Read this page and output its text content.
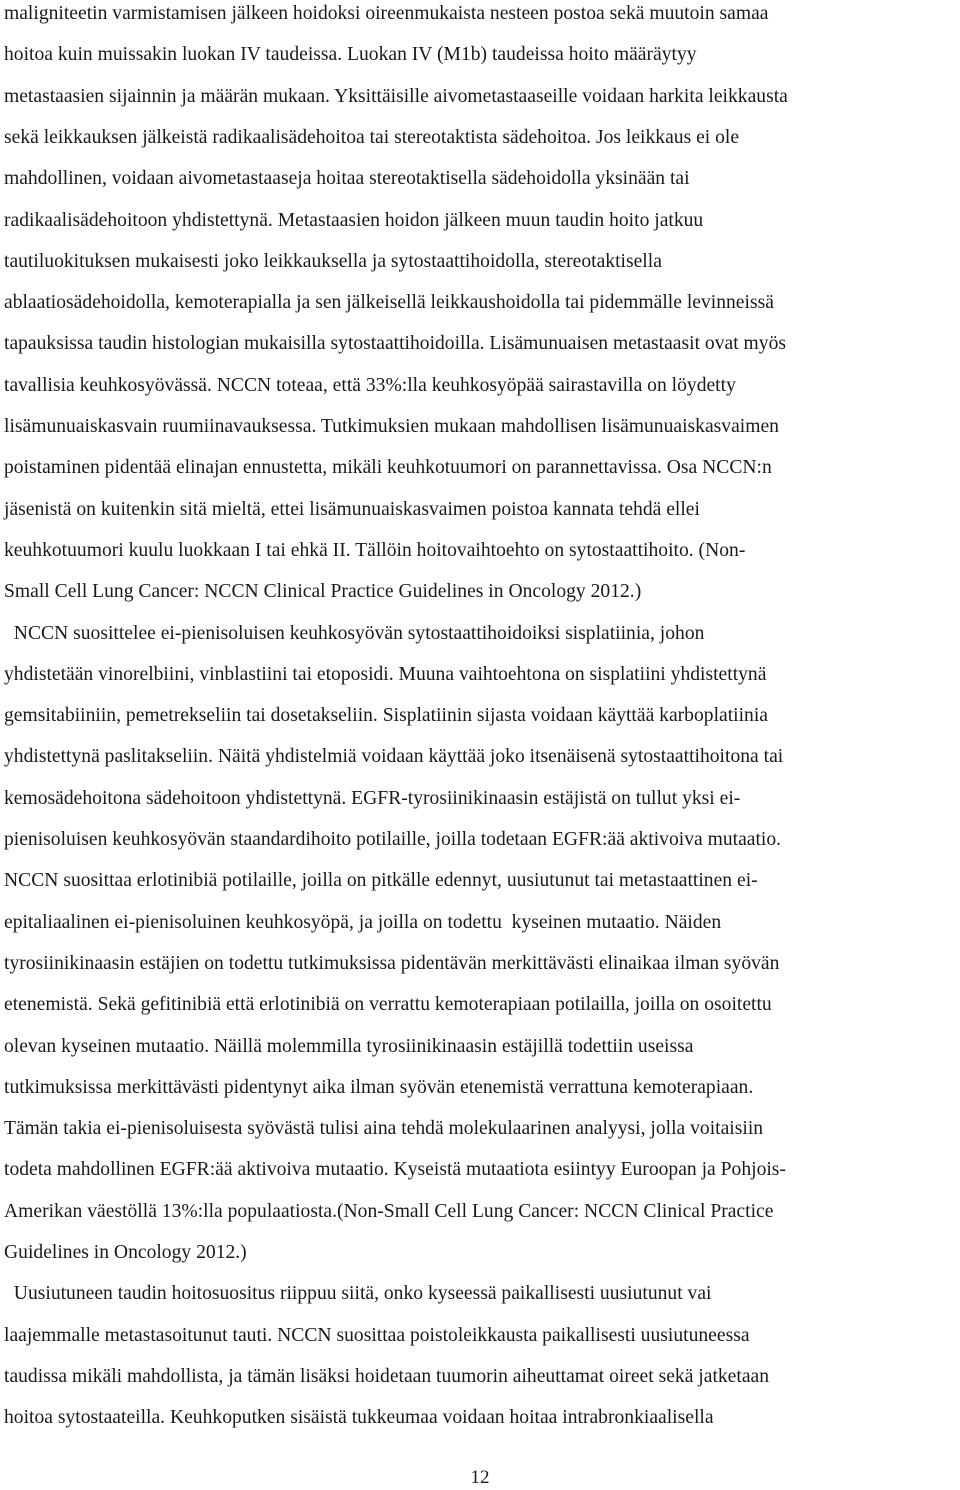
maligniteetin varmistamisen jälkeen hoidoksi oireenmukaista nesteen postoa sekä muutoin samaa
hoitoa kuin muissakin luokan IV taudeissa. Luokan IV (M1b) taudeissa hoito määräytyy
metastaasien sijainnin ja määrän mukaan. Yksittäisille aivometastaaseille voidaan harkita leikkausta
sekä leikkauksen jälkeistä radikaalisädehoitoa tai stereotaktista sädehoitoa. Jos leikkaus ei ole
mahdollinen, voidaan aivometastaaseja hoitaa stereotaktisella sädehoidolla yksinään tai
radikaalisädehoitoon yhdistettynä. Metastaasien hoidon jälkeen muun taudin hoito jatkuu
tautiluokituksen mukaisesti joko leikkauksella ja sytostaattihoidolla, stereotaktisella
ablaatiosädehoidolla, kemoterapialla ja sen jälkeisellä leikkaushoidolla tai pidemmälle levinneissä
tapauksissa taudin histologian mukaisilla sytostaattihoidoilla. Lisämunuaisen metastaasit ovat myös
tavallisia keuhkosyövässä. NCCN toteaa, että 33%:lla keuhkosyöpää sairastavilla on löydetty
lisämunuaiskasvain ruumiinavauksessa. Tutkimuksien mukaan mahdollisen lisämunuaiskasvaimen
poistaminen pidentää elinajan ennustetta, mikäli keuhkotuumori on parannettavissa. Osa NCCN:n
jäsenistä on kuitenkin sitä mieltä, ettei lisämunuaiskasvaimen poistoa kannata tehdä ellei
keuhkotuumori kuulu luokkaan I tai ehkä II. Tällöin hoitovaihtoehto on sytostaattihoito. (Non-
Small Cell Lung Cancer: NCCN Clinical Practice Guidelines in Oncology 2012.)
NCCN suosittelee ei-pienisoluisen keuhkosyövän sytostaattihoidoiksi sisplatiinia, johon
yhdistetään vinorelbiini, vinblastiini tai etoposidi. Muuna vaihtoehtona on sisplatiini yhdistettynä
gemsitabiiniin, pemetrekseliin tai dosetakseliin. Sisplatiinin sijasta voidaan käyttää karboplatiinia
yhdistettynä paslitakseliin. Näitä yhdistelmiä voidaan käyttää joko itsenäisenä sytostaattihoitona tai
kemosädehoitona sädehoitoon yhdistettynä. EGFR-tyrosiinikinaasin estäjistä on tullut yksi ei-
pienisoluisen keuhkosyövän staandardihoito potilaille, joilla todetaan EGFR:ää aktivoiva mutaatio.
NCCN suosittaa erlotinibiä potilaille, joilla on pitkälle edennyt, uusiutunut tai metastaattinen ei-
epitaliaalinen ei-pienisoluinen keuhkosyöpä, ja joilla on todettu  kyseinen mutaatio. Näiden
tyrosiinikinaasin estäjien on todettu tutkimuksissa pidentävän merkittävästi elinaikaa ilman syövän
etenemistä. Sekä gefitinibiä että erlotinibiä on verrattu kemoterapiaan potilailla, joilla on osoitettu
olevan kyseinen mutaatio. Näillä molemmilla tyrosiinikinaasin estäjillä todettiin useissa
tutkimuksissa merkittävästi pidentynyt aika ilman syövän etenemistä verrattuna kemoterapiaan.
Tämän takia ei-pienisoluisesta syövästä tulisi aina tehdä molekulaarinen analyysi, jolla voitaisiin
todeta mahdollinen EGFR:ää aktivoiva mutaatio. Kyseistä mutaatiota esiintyy Euroopan ja Pohjois-
Amerikan väestöllä 13%:lla populaatiosta.(Non-Small Cell Lung Cancer: NCCN Clinical Practice
Guidelines in Oncology 2012.)
Uusiutuneen taudin hoitosuositus riippuu siitä, onko kyseessä paikallisesti uusiutunut vai
laajemmalle metastasoitunut tauti. NCCN suosittaa poistoleikkausta paikallisesti uusiutuneessa
taudissa mikäli mahdollista, ja tämän lisäksi hoidetaan tuumorin aiheuttamat oireet sekä jatketaan
hoitoa sytostaateilla. Keuhkoputken sisäistä tukkeumaa voidaan hoitaa intrabronkiaalisella
12
